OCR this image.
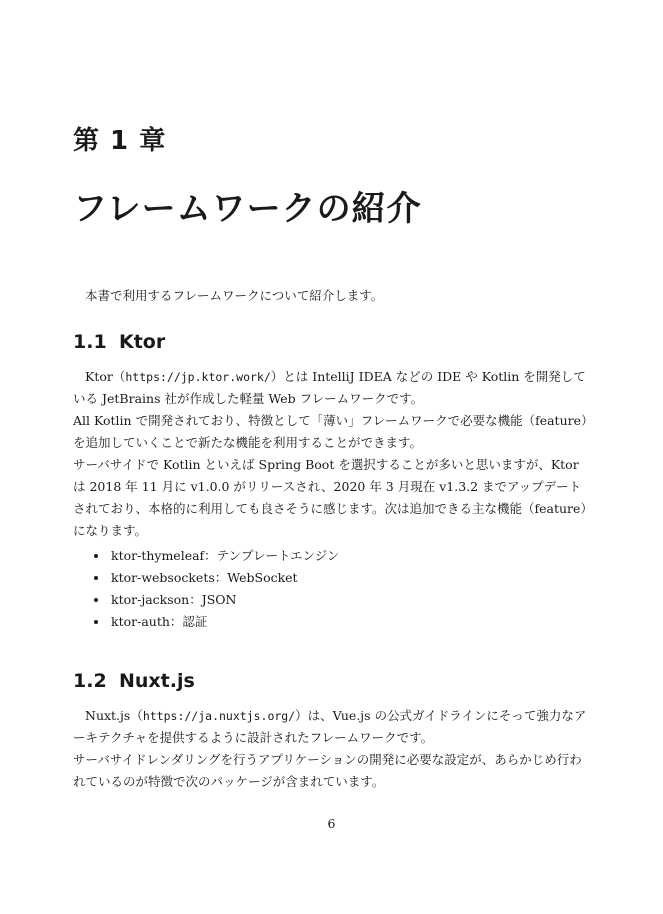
第 1 章
フレームワークの紹介

本書で利用するフレームワークについて紹介します。

1.1 Ktor
Ktor（https://jp.ktor.work/）とは IntelliJ IDEA などの IDE や Kotlin を開発している JetBrains 社が作成した軽量 Web フレームワークです。
All Kotlin で開発されており、特徴として「薄い」フレームワークで必要な機能（feature）を追加していくことで新たな機能を利用することができます。
サーバサイドで Kotlin といえば Spring Boot を選択することが多いと思いますが、Ktor は 2018 年 11 月に v1.0.0 がリリースされ、2020 年 3 月現在 v1.3.2 までアップデートされており、本格的に利用しても良さそうに感じます。次は追加できる主な機能（feature）になります。
ktor-thymeleaf：テンプレートエンジン
ktor-websockets：WebSocket
ktor-jackson：JSON
ktor-auth：認証
1.2 Nuxt.js
Nuxt.js（https://ja.nuxtjs.org/）は、Vue.js の公式ガイドラインにそって強力なアーキテクチャを提供するように設計されたフレームワークです。
サーバサイドレンダリングを行うアプリケーションの開発に必要な設定が、あらかじめ行われているのが特徴で次のパッケージが含まれています。
6
